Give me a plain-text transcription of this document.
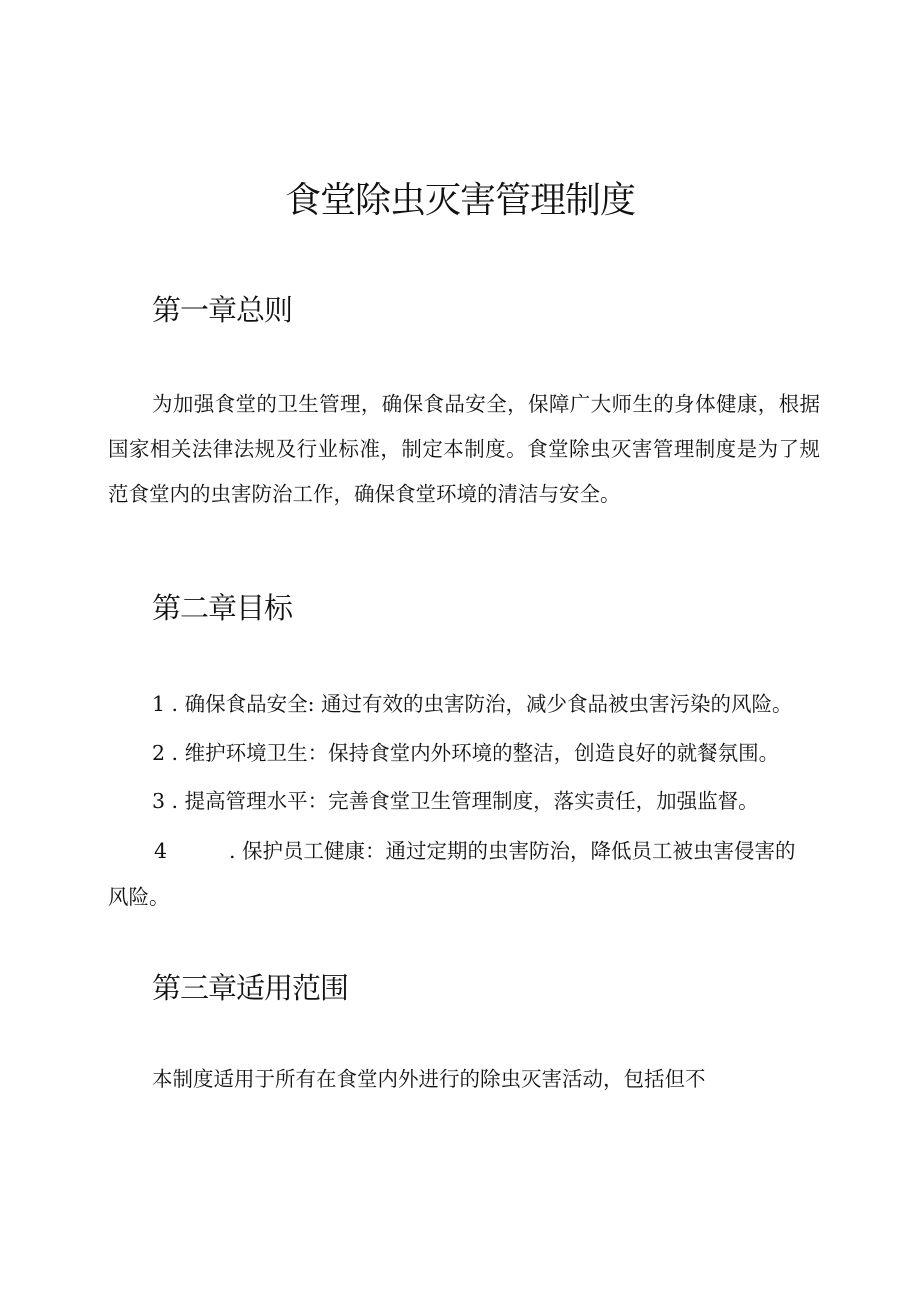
食堂除虫灭害管理制度
第一章总则

为加强食堂的卫生管理，确保食品安全，保障广大师生的身体健康，根据国家相关法律法规及行业标准，制定本制度。食堂除虫灭害管理制度是为了规范食堂内的虫害防治工作，确保食堂环境的清洁与安全。

第二章目标

1 . 确保食品安全: 通过有效的虫害防治，减少食品被虫害污染的风险。

2 . 维护环境卫生：保持食堂内外环境的整洁，创造良好的就餐氛围。

3 . 提高管理水平：完善食堂卫生管理制度，落实责任，加强监督。

4	. 保护员工健康：通过定期的虫害防治，降低员工被虫害侵害的
风险。
第三章适用范围

本制度适用于所有在食堂内外进行的除虫灭害活动，包括但不
